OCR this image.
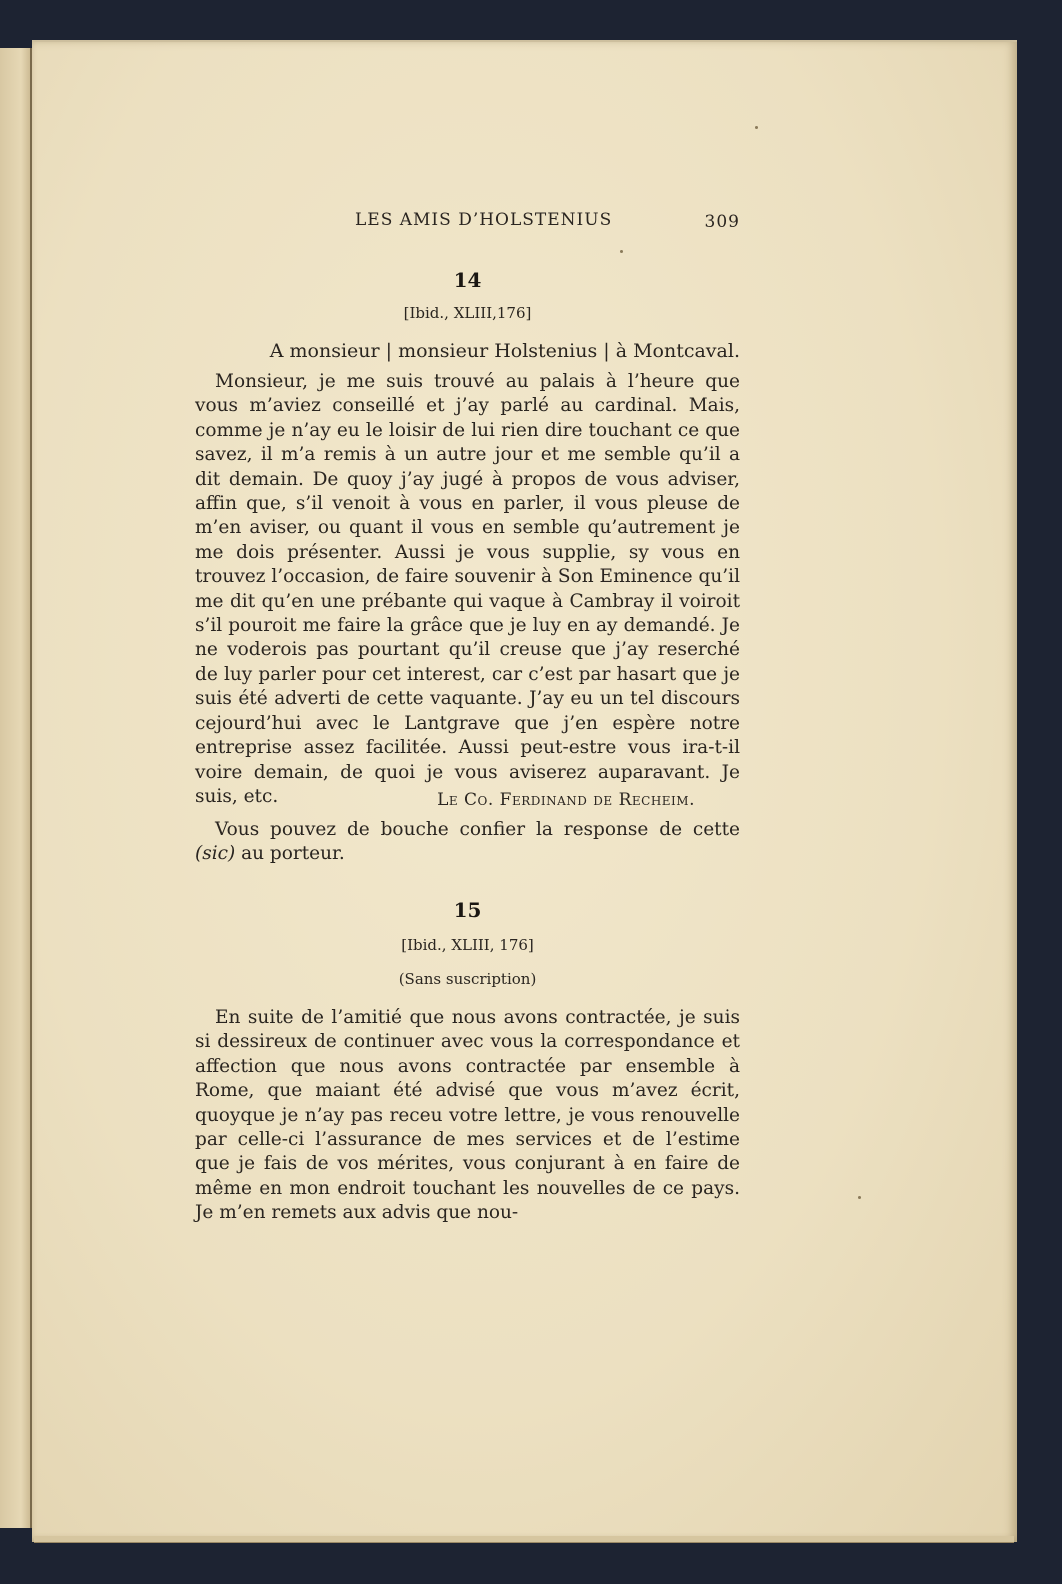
LES AMIS D’HOLSTENIUS	309
14
[Ibid., XLIII,176]
A monsieur | monsieur Holstenius | à Montcaval.

Monsieur, je me suis trouvé au palais à l’heure que vous m’aviez conseillé et j’ay parlé au cardinal. Mais, comme je n’ay eu le loisir de lui rien dire touchant ce que savez, il m’a remis à un autre jour et me semble qu’il a dit demain. De quoy j’ay jugé à propos de vous adviser, affin que, s’il venoit à vous en parler, il vous pleuse de m’en aviser, ou quant il vous en semble qu’autrement je me dois présenter. Aussi je vous supplie, sy vous en trouvez l’occasion, de faire souvenir à Son Eminence qu’il me dit qu’en une prébante qui vaque à Cambray il voiroit s’il pouroit me faire la grâce que je luy en ay demandé. Je ne voderois pas pourtant qu’il creuse que j’ay reserché de luy parler pour cet interest, car c’est par hasart que je suis été adverti de cette vaquante. J’ay eu un tel discours cejourd’hui avec le Lantgrave que j’en espère notre entreprise assez facilitée. Aussi peut-estre vous ira-t-il voire demain, de quoi je vous aviserez auparavant. Je suis, etc.	Le Co. Ferdinand de Recheim.

Vous pouvez de bouche confier la response de cette (sic) au porteur.

15
[Ibid., XLIII, 176]
(Sans suscription)

En suite de l’amitié que nous avons contractée, je suis si dessireux de continuer avec vous la correspondance et affection que nous avons contractée par ensemble à Rome, que maiant été advisé que vous m’avez écrit, quoyque je n’ay pas receu votre lettre, je vous renouvelle par celle-ci l’assurance de mes services et de l’estime que je fais de vos mérites, vous conjurant à en faire de même en mon endroit touchant les nouvelles de ce pays. Je m’en remets aux advis que nou-
